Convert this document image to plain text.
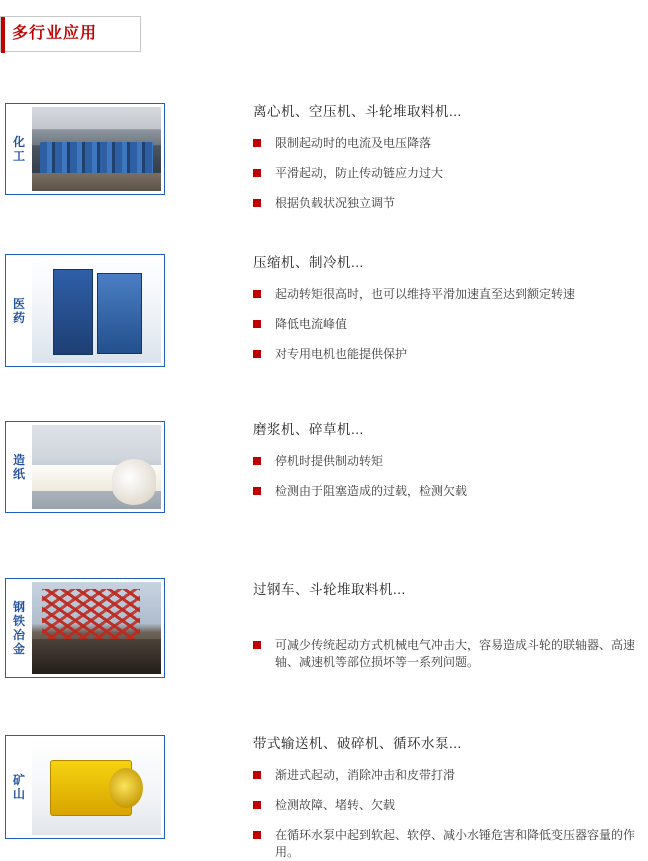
多行业应用
化
工

离心机、空压机、斗轮堆取料机...

限制起动时的电流及电压降落
平滑起动，防止传动链应力过大
根据负载状况独立调节
医
药

压缩机、制冷机...

起动转矩很高时，也可以维持平滑加速直至达到额定转速
降低电流峰值
对专用电机也能提供保护
造
纸

磨浆机、碎草机...

停机时提供制动转矩
检测由于阻塞造成的过载，检测欠载
钢
铁
冶
金

过钢车、斗轮堆取料机...

可减少传统起动方式机械电气冲击大，容易造成斗轮的联轴器、高速轴、减速机等部位损坏等一系列问题。
矿
山

带式输送机、破碎机、循环水泵...

渐进式起动，消除冲击和皮带打滑
检测故障、堵转、欠载
在循环水泵中起到软起、软停、减小水锤危害和降低变压器容量的作用。
